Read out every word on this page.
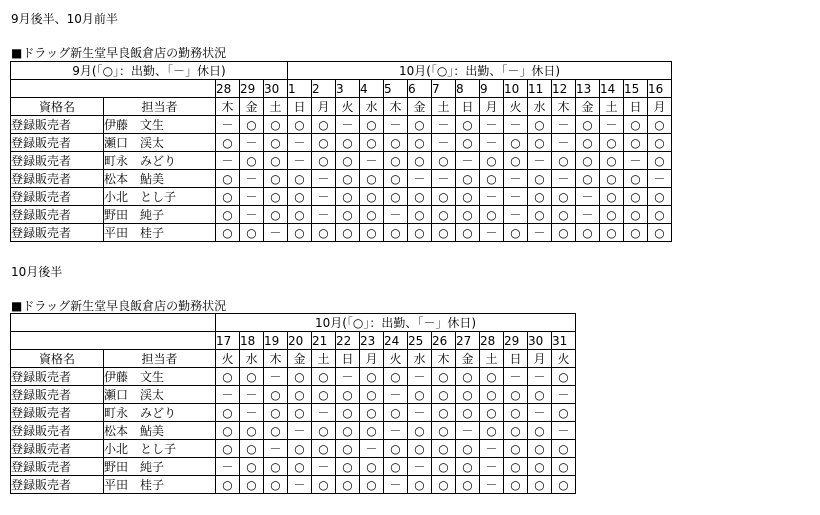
9月後半、10月前半
■ドラッグ新生堂早良飯倉店の勤務状況
9月(「○」：出勤、「－」休日)					10月(「○」：出勤、「－」休日)															
		28	29	30	1	2	3	4	5	6	7	8	9	10	11	12	13	14	15	16
資格名	担当者	木	金	土	日	月	火	水	木	金	土	日	月	火	水	木	金	土	日	月
登録販売者	伊藤　文生	－	○	○	○	○	－	○	－	○	－	○	－	－	○	－	○	－	○	○
登録販売者	瀬口　渓太	○	－	○	－	○	○	○	○	○	－	○	－	○	○	－	○	○	○	○
登録販売者	町永　みどり	－	○	○	－	○	○	－	○	○	○	－	○	○	－	○	○	○	－	○
登録販売者	松本　鮎美	○	－	○	○	－	○	○	○	－	－	○	○	－	○	－	○	○	○	－
登録販売者	小北　とし子	○	－	○	○	－	○	○	○	○	○	○	－	－	○	○	－	○	○	○
登録販売者	野田　純子	○	－	○	○	－	○	○	－	○	○	○	○	－	○	○	－	○	○	○
登録販売者	平田　桂子	○	○	－	○	○	○	○	○	○	○	○	－	○	－	○	○	○	○	○
10月後半
■ドラッグ新生堂早良飯倉店の勤務状況
		10月(「○」：出勤、「－」休日)														
		17	18	19	20	21	22	23	24	25	26	27	28	29	30	31
資格名	担当者	火	水	木	金	土	日	月	火	水	木	金	土	日	月	火
登録販売者	伊藤　文生	○	○	－	○	○	－	○	○	－	○	○	○	－	－	○
登録販売者	瀬口　渓太	－	－	○	○	○	○	○	－	○	○	○	○	○	○	－
登録販売者	町永　みどり	○	－	○	○	－	○	○	○	－	○	○	○	○	－	○
登録販売者	松本　鮎美	○	○	○	－	○	○	○	－	○	○	－	○	○	○	－
登録販売者	小北　とし子	○	○	－	○	○	○	－	○	○	○	○	－	○	○	○
登録販売者	野田　純子	－	○	○	○	－	○	○	○	－	○	○	－	○	○	○
登録販売者	平田　桂子	○	○	○	－	○	○	○	－	○	○	○	－	○	○	○
